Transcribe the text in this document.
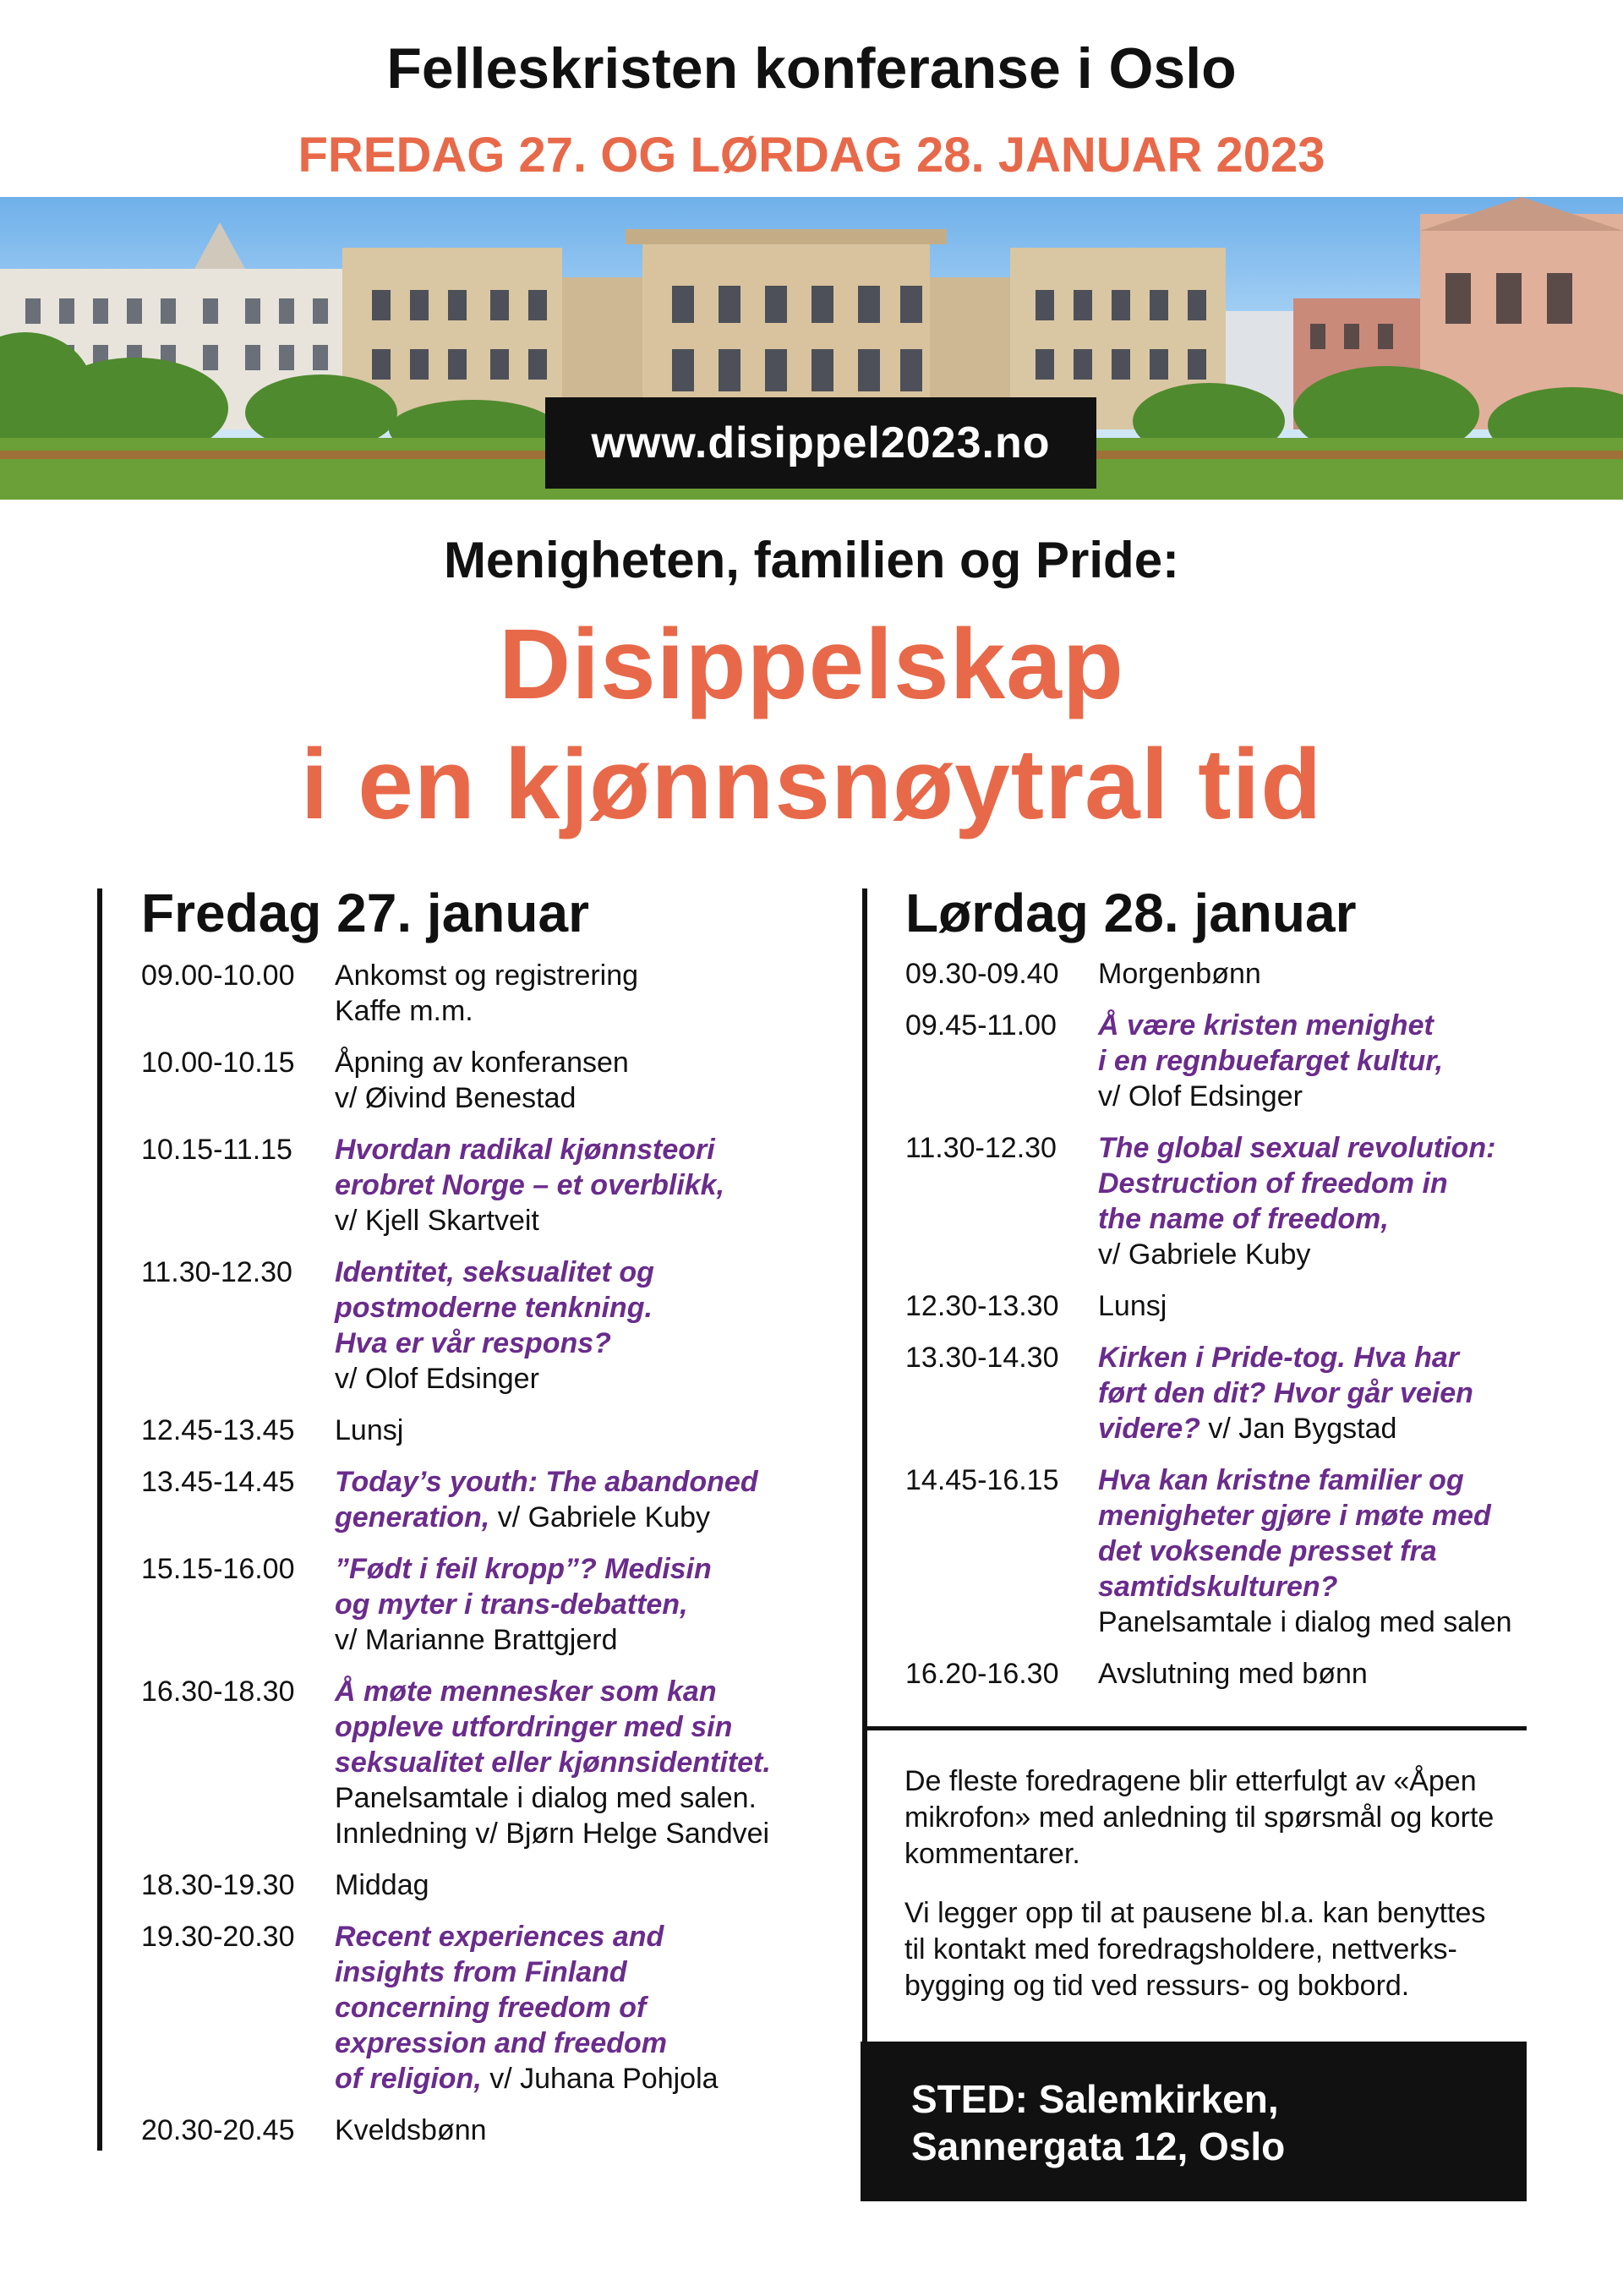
Felleskristen konferanse i Oslo
FREDAG 27. OG LØRDAG 28. JANUAR 2023
www.disippel2023.no
Menigheten, familien og Pride:
Disippelskap
i en kjønnsnøytral tid
Fredag 27. januar
09.00-10.00	Ankomst og registrering
Kaffe m.m.
10.00-10.15	Åpning av konferansen
v/ Øivind Benestad
10.15-11.15	Hvordan radikal kjønnsteori
erobret Norge – et overblikk,
v/ Kjell Skartveit
11.30-12.30	Identitet, seksualitet og
postmoderne tenkning.
Hva er vår respons?
v/ Olof Edsinger
12.45-13.45	Lunsj
13.45-14.45	Today’s youth: The abandoned
generation, v/ Gabriele Kuby
15.15-16.00	”Født i feil kropp”? Medisin
og myter i trans-debatten,
v/ Marianne Brattgjerd
16.30-18.30	Å møte mennesker som kan
oppleve utfordringer med sin
seksualitet eller kjønnsidentitet.
Panelsamtale i dialog med salen.
Innledning v/ Bjørn Helge Sandvei
18.30-19.30	Middag
19.30-20.30	Recent experiences and
insights from Finland
concerning freedom of
expression and freedom
of religion, v/ Juhana Pohjola
20.30-20.45	Kveldsbønn
Lørdag 28. januar
09.30-09.40	Morgenbønn
09.45-11.00	Å være kristen menighet
i en regnbuefarget kultur,
v/ Olof Edsinger
11.30-12.30	The global sexual revolution:
Destruction of freedom in
the name of freedom,
v/ Gabriele Kuby
12.30-13.30	Lunsj
13.30-14.30	Kirken i Pride-tog. Hva har
ført den dit? Hvor går veien
videre? v/ Jan Bygstad
14.45-16.15	Hva kan kristne familier og
menigheter gjøre i møte med
det voksende presset fra
samtidskulturen?
Panelsamtale i dialog med salen
16.20-16.30	Avslutning med bønn

De fleste foredragene blir etterfulgt av «Åpen
mikrofon» med anledning til spørsmål og korte
kommentarer.

Vi legger opp til at pausene bl.a. kan benyttes
til kontakt med foredragsholdere, nettverks-
bygging og tid ved ressurs- og bokbord.

STED: Salemkirken,
Sannergata 12, Oslo
